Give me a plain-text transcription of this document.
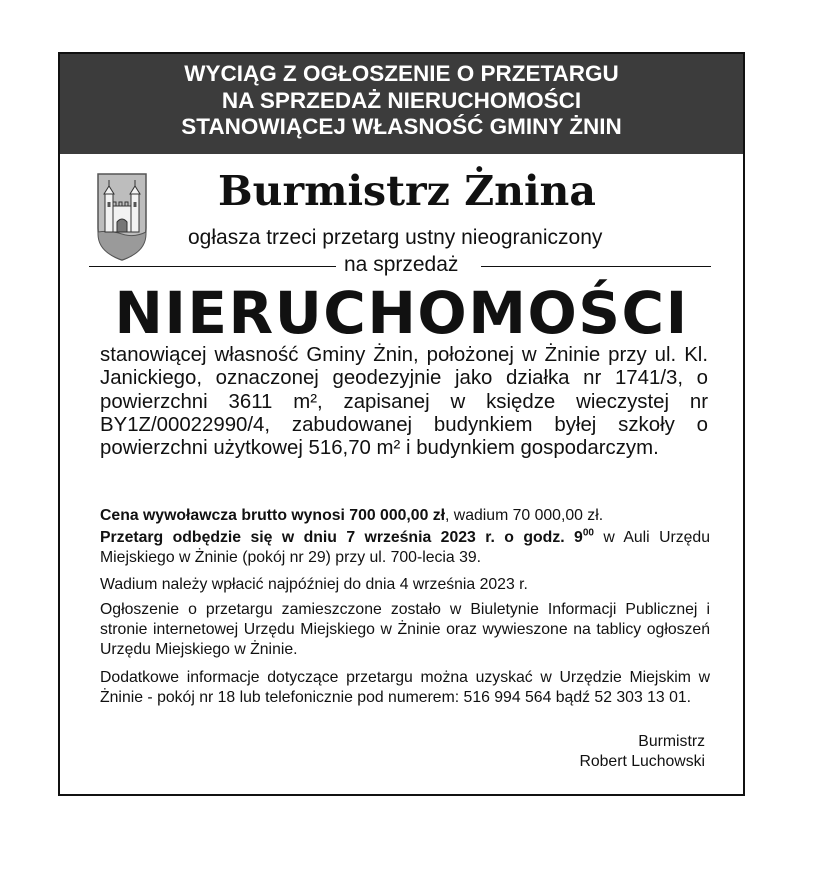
WYCIĄG Z OGŁOSZENIE O PRZETARGU
NA SPRZEDAŻ NIERUCHOMOŚCI
STANOWIĄCEJ WŁASNOŚĆ GMINY ŻNIN
Burmistrz Żnina
ogłasza trzeci przetarg ustny nieograniczony
na sprzedaż
NIERUCHOMOŚCI
stanowiącej własność Gminy Żnin, położonej w Żninie przy ul. Kl. Janickiego, oznaczonej geodezyjnie jako działka nr 1741/3, o powierzchni 3611 m², zapisanej w księdze wieczystej nr BY1Z/00022990/4, zabudowanej budynkiem byłej szkoły o powierzchni użytkowej 516,70 m² i budynkiem gospodarczym.
Cena wywoławcza brutto wynosi 700 000,00 zł, wadium 70 000,00 zł.
Przetarg odbędzie się w dniu 7 września 2023 r. o godz. $9^{00}$ w Auli Urzędu Miejskiego w Żninie (pokój nr 29) przy ul. 700-lecia 39.
Wadium należy wpłacić najpóźniej do dnia 4 września 2023 r.
Ogłoszenie o przetargu zamieszczone zostało w Biuletynie Informacji Publicznej i stronie internetowej Urzędu Miejskiego w Żninie oraz wywieszone na tablicy ogłoszeń Urzędu Miejskiego w Żninie.
Dodatkowe informacje dotyczące przetargu można uzyskać w Urzędzie Miejskim w Żninie - pokój nr 18 lub telefonicznie pod numerem: 516 994 564 bądź 52 303 13 01.
Burmistrz
Robert Luchowski
